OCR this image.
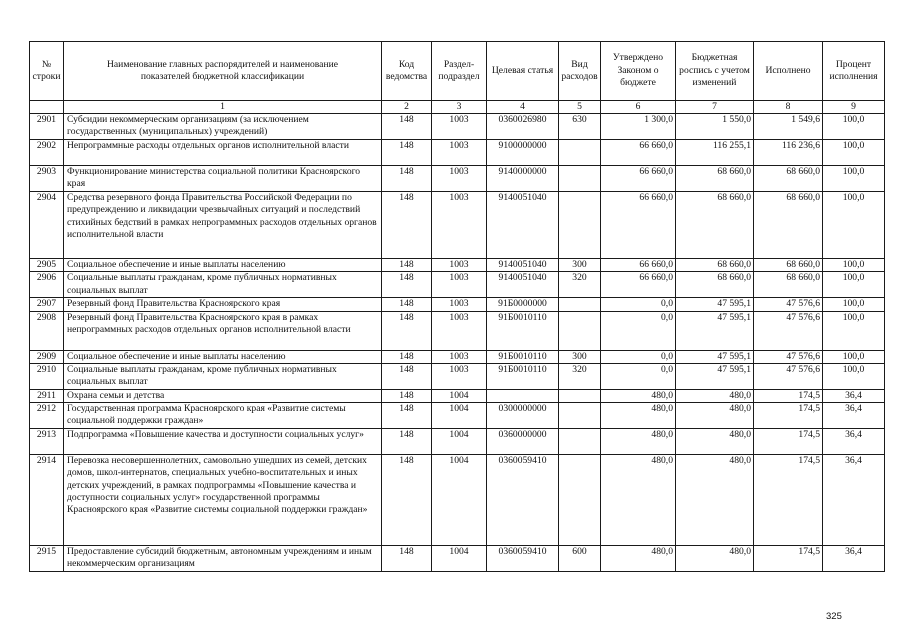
№ строки	Наименование главных распорядителей и наименование показателей бюджетной классификации	Код ведомства	Раздел-подраздел	Целевая статья	Вид расходов	Утверждено Законом о бюджете	Бюджетная роспись с учетом изменений	Исполнено	Процент исполнения
	1	2	3	4	5	6	7	8	9
2901	Субсидии некоммерческим организациям (за исключением государственных (муниципальных) учреждений)	148	1003	0360026980	630	1 300,0	1 550,0	1 549,6	100,0
2902	Непрограммные расходы отдельных органов исполнительной власти	148	1003	9100000000		66 660,0	116 255,1	116 236,6	100,0
2903	Функционирование министерства социальной политики Красноярского края	148	1003	9140000000		66 660,0	68 660,0	68 660,0	100,0
2904	Средства резервного фонда Правительства Российской Федерации по предупреждению и ликвидации чрезвычайных ситуаций и последствий стихийных бедствий в рамках непрограммных расходов отдельных органов исполнительной власти	148	1003	9140051040		66 660,0	68 660,0	68 660,0	100,0
2905	Социальное обеспечение и иные выплаты населению	148	1003	9140051040	300	66 660,0	68 660,0	68 660,0	100,0
2906	Социальные выплаты гражданам, кроме публичных нормативных социальных выплат	148	1003	9140051040	320	66 660,0	68 660,0	68 660,0	100,0
2907	Резервный фонд Правительства Красноярского края	148	1003	91Б0000000		0,0	47 595,1	47 576,6	100,0
2908	Резервный фонд Правительства Красноярского края в рамках непрограммных расходов отдельных органов исполнительной власти	148	1003	91Б0010110		0,0	47 595,1	47 576,6	100,0
2909	Социальное обеспечение и иные выплаты населению	148	1003	91Б0010110	300	0,0	47 595,1	47 576,6	100,0
2910	Социальные выплаты гражданам, кроме публичных нормативных социальных выплат	148	1003	91Б0010110	320	0,0	47 595,1	47 576,6	100,0
2911	Охрана семьи и детства	148	1004			480,0	480,0	174,5	36,4
2912	Государственная программа Красноярского края «Развитие системы социальной поддержки граждан»	148	1004	0300000000		480,0	480,0	174,5	36,4
2913	Подпрограмма «Повышение качества и доступности социальных услуг»	148	1004	0360000000		480,0	480,0	174,5	36,4
2914	Перевозка несовершеннолетних, самовольно ушедших из семей, детских домов, школ-интернатов, специальных учебно-воспитательных и иных детских учреждений, в рамках подпрограммы «Повышение качества и доступности социальных услуг» государственной программы Красноярского края «Развитие системы социальной поддержки граждан»	148	1004	0360059410		480,0	480,0	174,5	36,4
2915	Предоставление субсидий бюджетным, автономным учреждениям и иным некоммерческим организациям	148	1004	0360059410	600	480,0	480,0	174,5	36,4
325
